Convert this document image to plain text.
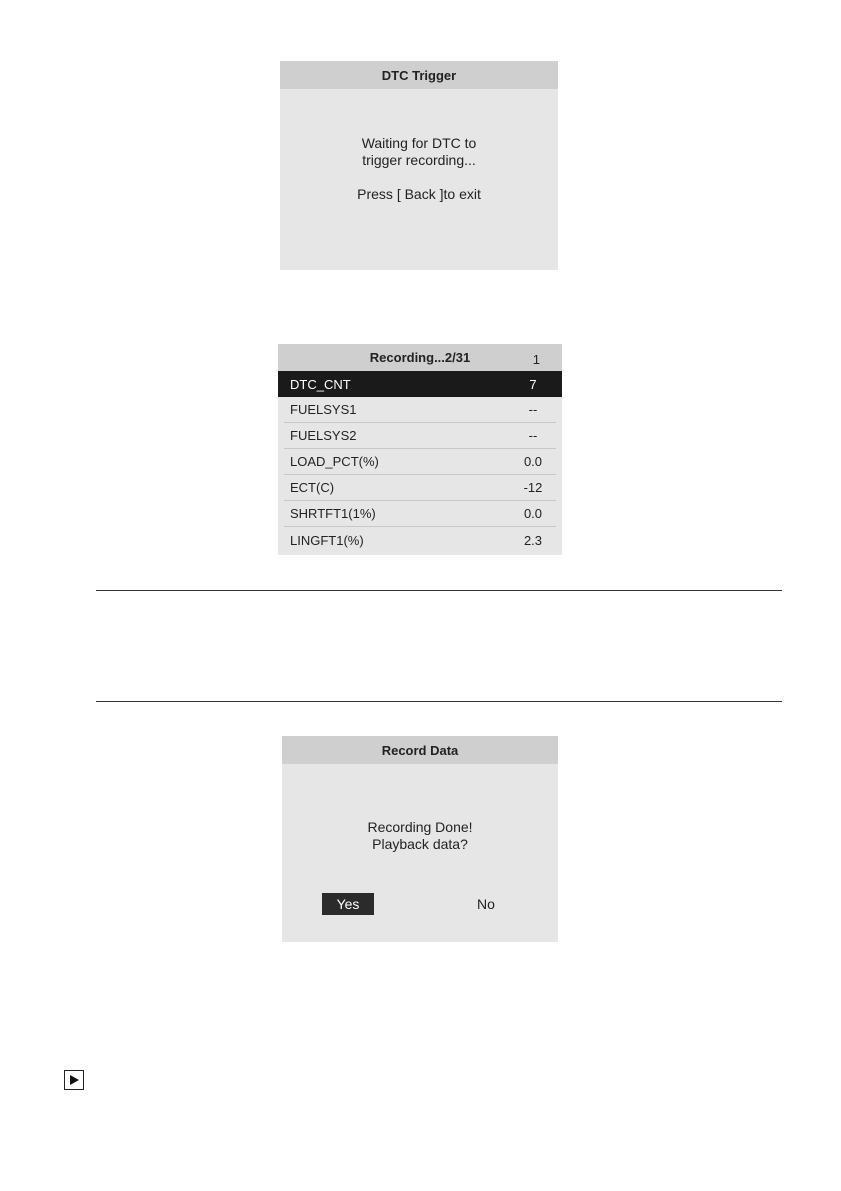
DTC Trigger
Waiting for DTC to
trigger recording...
Press [ Back ]to exit
Recording...2/31	1
DTC_CNT	7
FUELSYS1	--
FUELSYS2	--
LOAD_PCT(%)	0.0
ECT(C)	-12
SHRTFT1(1%)	0.0
LINGFT1(%)	2.3
Record Data
Recording Done!
Playback data?
Yes	No
